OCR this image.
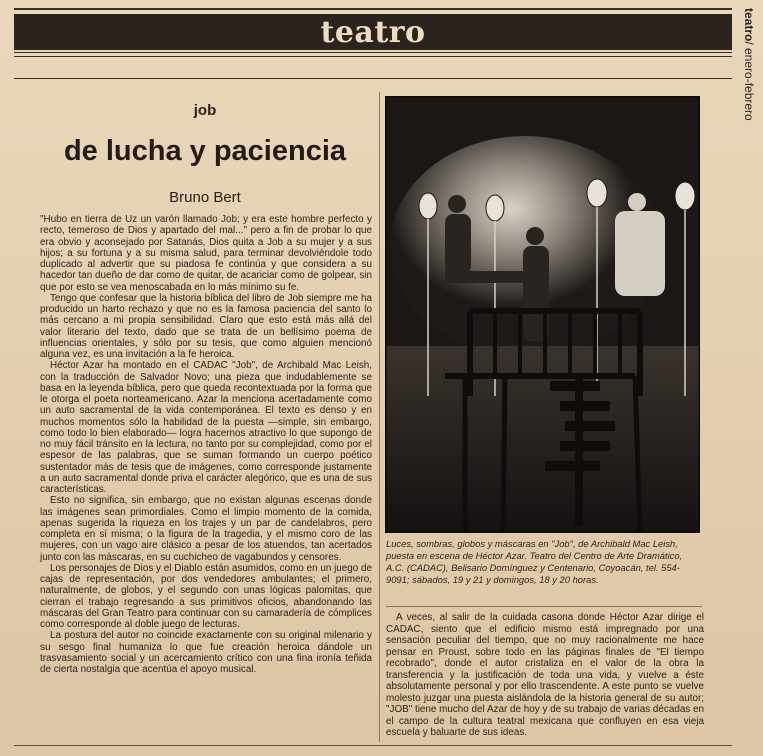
teatro	teatro/ enero-febrero
job
de lucha y paciencia
Bruno Bert

"Hubo en tierra de Uz un varón llamado Job; y era este hombre perfecto y recto, temeroso de Dios y apartado del mal..." pero a fin de probar lo que era obvio y aconsejado por Satanás, Dios quita a Job a su mujer y a sus hijos; a su fortuna y a su misma salud, para terminar devolviéndole todo duplicado al advertir que su piadosa fe continúa y que considera a su hacedor tan dueño de dar como de quitar, de acariciar como de golpear, sin que por esto se vea menoscabada en lo más mínimo su fe.

Tengo que confesar que la historia bíblica del libro de Job siempre me ha producido un harto rechazo y que no es la famosa paciencia del santo lo más cercano a mi propia sensibilidad. Claro que esto está más allá del valor literario del texto, dado que se trata de un bellísimo poema de influencias orientales, y sólo por su tesis, que como alguien mencionó alguna vez, es una invitación a la fe heroica.

Héctor Azar ha montado en el CADAC "Job", de Archibald Mac Leish, con la traducción de Salvador Novo; una pieza que indudablemente se basa en la leyenda bíblica, pero que queda recontextuada por la forma que le otorga el poeta norteamericano. Azar la menciona acertadamente como un auto sacramental de la vida contemporánea. El texto es denso y en muchos momentos sólo la habilidad de la puesta —simple, sin embargo, como todo lo bien elaborado— logra hacernos atractivo lo que supongo de no muy fácil tránsito en la lectura, no tanto por su complejidad, como por el espesor de las palabras, que se suman formando un cuerpo poético sustentador más de tesis que de imágenes, como corresponde justamente a un auto sacramental donde priva el carácter alegórico, que es una de sus características.

Esto no significa, sin embargo, que no existan algunas escenas donde las imágenes sean primordiales. Como el limpio momento de la comida, apenas sugerida la riqueza en los trajes y un par de candelabros, pero completa en sí misma; o la figura de la tragedia, y el mismo coro de las mujeres, con un vago aire clásico a pesar de los atuendos, tan acertados junto con las máscaras, en su cuchicheo de vagabundos y censores.

Los personajes de Dios y el Diablo están asumidos, como en un juego de cajas de representación, por dos vendedores ambulantes; el primero, naturalmente, de globos, y el segundo con unas lógicas palomitas, que cierran el trabajo regresando a sus primitivos oficios, abandonando las máscaras del Gran Teatro para continuar con su camaradería de cómplices como corresponde al doble juego de lecturas.

La postura del autor no coincide exactamente con su original milenario y su sesgo final humaniza lo que fue creación heroica dándole un trasvasamiento social y un acercamiento crítico con una fina ironía teñida de cierta nostalgia que acentúa el apoyo musical.

Luces, sombras, globos y máscaras en "Job", de Archibald Mac Leish, puesta en escena de Héctor Azar. Teatro del Centro de Arte Dramático, A.C. (CADAC), Belisario Domínguez y Centenario, Coyoacán, tel. 554-9091; sábados, 19 y 21 y domingos, 18 y 20 horas.

A veces, al salir de la cuidada casona donde Héctor Azar dirige el CADAC, siento que el edificio mismo está impregnado por una sensación peculiar del tiempo, que no muy racionalmente me hace pensar en Proust, sobre todo en las páginas finales de "El tiempo recobrado", donde el autor cristaliza en el valor de la obra la transferencia y la justificación de toda una vida, y vuelve a éste absolutamente personal y por ello trascendente. A este punto se vuelve molesto juzgar una puesta aislándola de la historia general de su autor; "JOB" tiene mucho del Azar de hoy y de su trabajo de varias décadas en el campo de la cultura teatral mexicana que confluyen en esa vieja escuela y baluarte de sus ideas.
